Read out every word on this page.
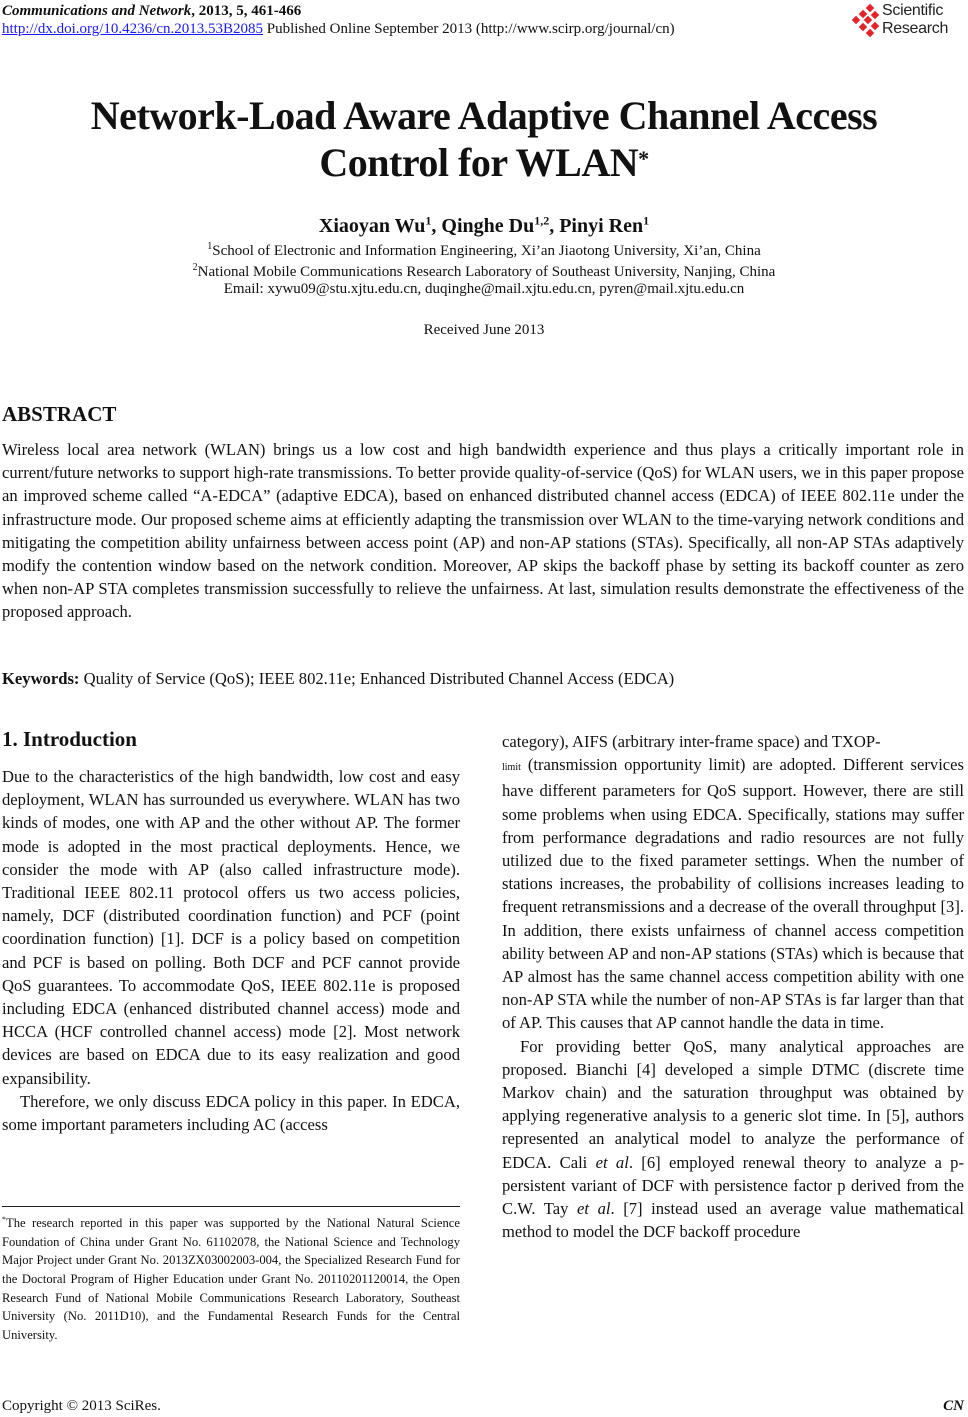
Communications and Network, 2013, 5, 461-466
http://dx.doi.org/10.4236/cn.2013.53B2085 Published Online September 2013 (http://www.scirp.org/journal/cn)
Scientific
Research
Network-Load Aware Adaptive Channel Access
Control for WLAN*
Xiaoyan Wu$^1$, Qinghe Du$^{1,2}$, Pinyi Ren$^1$
$^1$School of Electronic and Information Engineering, Xi’an Jiaotong University, Xi’an, China
$^2$National Mobile Communications Research Laboratory of Southeast University, Nanjing, China
Email: xywu09@stu.xjtu.edu.cn, duqinghe@mail.xjtu.edu.cn, pyren@mail.xjtu.edu.cn
Received June 2013
ABSTRACT
Wireless local area network (WLAN) brings us a low cost and high bandwidth experience and thus plays a critically important role in current/future networks to support high-rate transmissions. To better provide quality-of-service (QoS) for WLAN users, we in this paper propose an improved scheme called “A-EDCA” (adaptive EDCA), based on enhanced distributed channel access (EDCA) of IEEE 802.11e under the infrastructure mode. Our proposed scheme aims at efficiently adapting the transmission over WLAN to the time-varying network conditions and mitigating the competition ability unfairness between access point (AP) and non-AP stations (STAs). Specifically, all non-AP STAs adaptively modify the contention window based on the network condition. Moreover, AP skips the backoff phase by setting its backoff counter as zero when non-AP STA completes transmission successfully to relieve the unfairness. At last, simulation results demonstrate the effectiveness of the proposed approach.
Keywords: Quality of Service (QoS); IEEE 802.11e; Enhanced Distributed Channel Access (EDCA)
1. Introduction

Due to the characteristics of the high bandwidth, low cost and easy deployment, WLAN has surrounded us everywhere. WLAN has two kinds of modes, one with AP and the other without AP. The former mode is adopted in the most practical deployments. Hence, we consider the mode with AP (also called infrastructure mode). Traditional IEEE 802.11 protocol offers us two access policies, namely, DCF (distributed coordination function) and PCF (point coordination function) [1]. DCF is a policy based on competition and PCF is based on polling. Both DCF and PCF cannot provide QoS guarantees. To accommodate QoS, IEEE 802.11e is proposed including EDCA (enhanced distributed channel access) mode and HCCA (HCF controlled channel access) mode [2]. Most network devices are based on EDCA due to its easy realization and good expansibility.

Therefore, we only discuss EDCA policy in this paper. In EDCA, some important parameters including AC (access

category), AIFS (arbitrary inter-frame space) and TXOP-
limit (transmission opportunity limit) are adopted. Different services have different parameters for QoS support. However, there are still some problems when using EDCA. Specifically, stations may suffer from performance degradations and radio resources are not fully utilized due to the fixed parameter settings. When the number of stations increases, the probability of collisions increases leading to frequent retransmissions and a decrease of the overall throughput [3]. In addition, there exists unfairness of channel access competition ability between AP and non-AP stations (STAs) which is because that AP almost has the same channel access competition ability with one non-AP STA while the number of non-AP STAs is far larger than that of AP. This causes that AP cannot handle the data in time.

For providing better QoS, many analytical approaches are proposed. Bianchi [4] developed a simple DTMC (discrete time Markov chain) and the saturation throughput was obtained by applying regenerative analysis to a generic slot time. In [5], authors represented an analytical model to analyze the performance of EDCA. Cali et al. [6] employed renewal theory to analyze a p-persistent variant of DCF with persistence factor p derived from the C.W. Tay et al. [7] instead used an average value mathematical method to model the DCF backoff procedure

*The research reported in this paper was supported by the National Natural Science Foundation of China under Grant No. 61102078, the National Science and Technology Major Project under Grant No. 2013ZX03002003-004, the Specialized Research Fund for the Doctoral Program of Higher Education under Grant No. 20110201120014, the Open Research Fund of National Mobile Communications Research Laboratory, Southeast University (No. 2011D10), and the Fundamental Research Funds for the Central University.
Copyright © 2013 SciRes.	CN
